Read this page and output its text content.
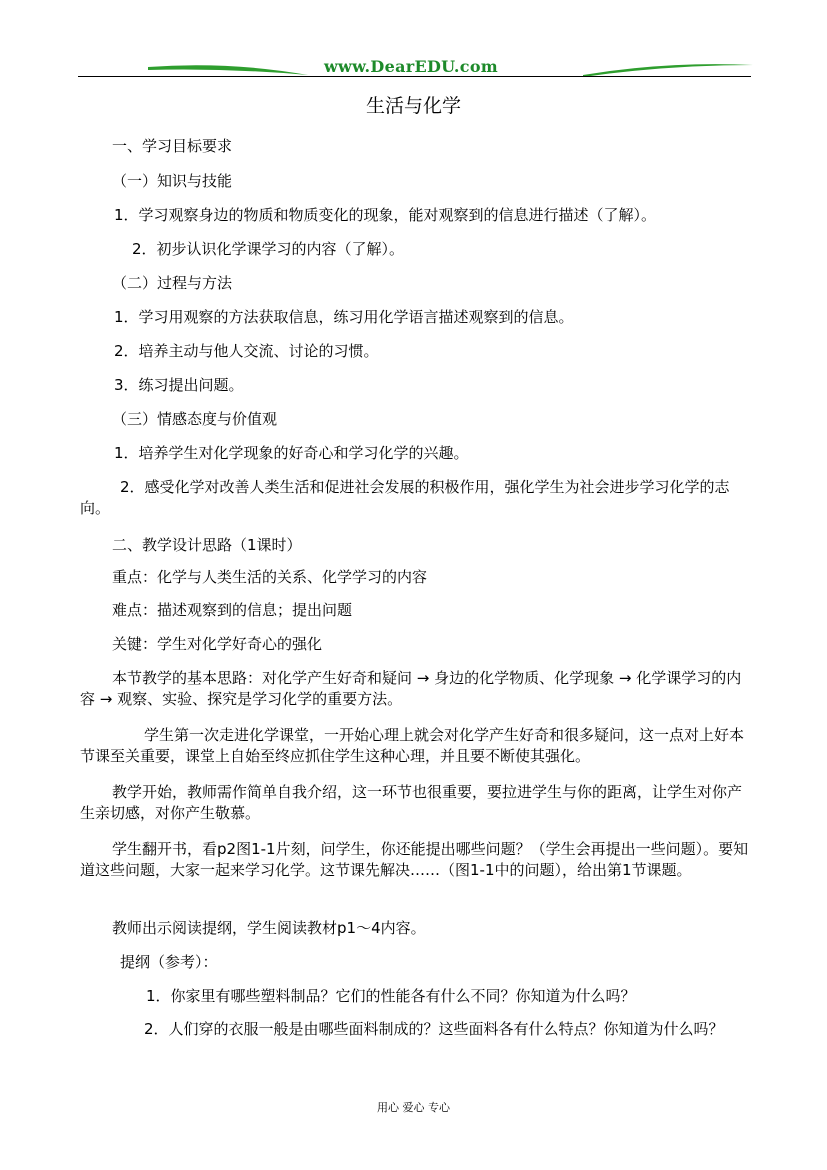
www.DearEDU.com
生活与化学
一、学习目标要求
（一）知识与技能
1．学习观察身边的物质和物质变化的现象，能对观察到的信息进行描述（了解）。
2．初步认识化学课学习的内容（了解）。
（二）过程与方法
1．学习用观察的方法获取信息，练习用化学语言描述观察到的信息。
2．培养主动与他人交流、讨论的习惯。
3．练习提出问题。
（三）情感态度与价值观
1．培养学生对化学现象的好奇心和学习化学的兴趣。
2．感受化学对改善人类生活和促进社会发展的积极作用，强化学生为社会进步学习化学的志向。
二、教学设计思路（1课时）
重点：化学与人类生活的关系、化学学习的内容
难点：描述观察到的信息；提出问题
关键：学生对化学好奇心的强化
本节教学的基本思路：对化学产生好奇和疑问 → 身边的化学物质、化学现象 → 化学课学习的内容 → 观察、实验、探究是学习化学的重要方法。
学生第一次走进化学课堂，一开始心理上就会对化学产生好奇和很多疑问，这一点对上好本节课至关重要，课堂上自始至终应抓住学生这种心理，并且要不断使其强化。
教学开始，教师需作简单自我介绍，这一环节也很重要，要拉进学生与你的距离，让学生对你产生亲切感，对你产生敬慕。
学生翻开书，看p2图1-1片刻，问学生，你还能提出哪些问题？（学生会再提出一些问题）。要知道这些问题，大家一起来学习化学。这节课先解决……（图1-1中的问题），给出第1节课题。
教师出示阅读提纲，学生阅读教材p1～4内容。
提纲（参考）：
1．你家里有哪些塑料制品？它们的性能各有什么不同？你知道为什么吗？
2．人们穿的衣服一般是由哪些面料制成的？这些面料各有什么特点？你知道为什么吗？
用心 爱心 专心
